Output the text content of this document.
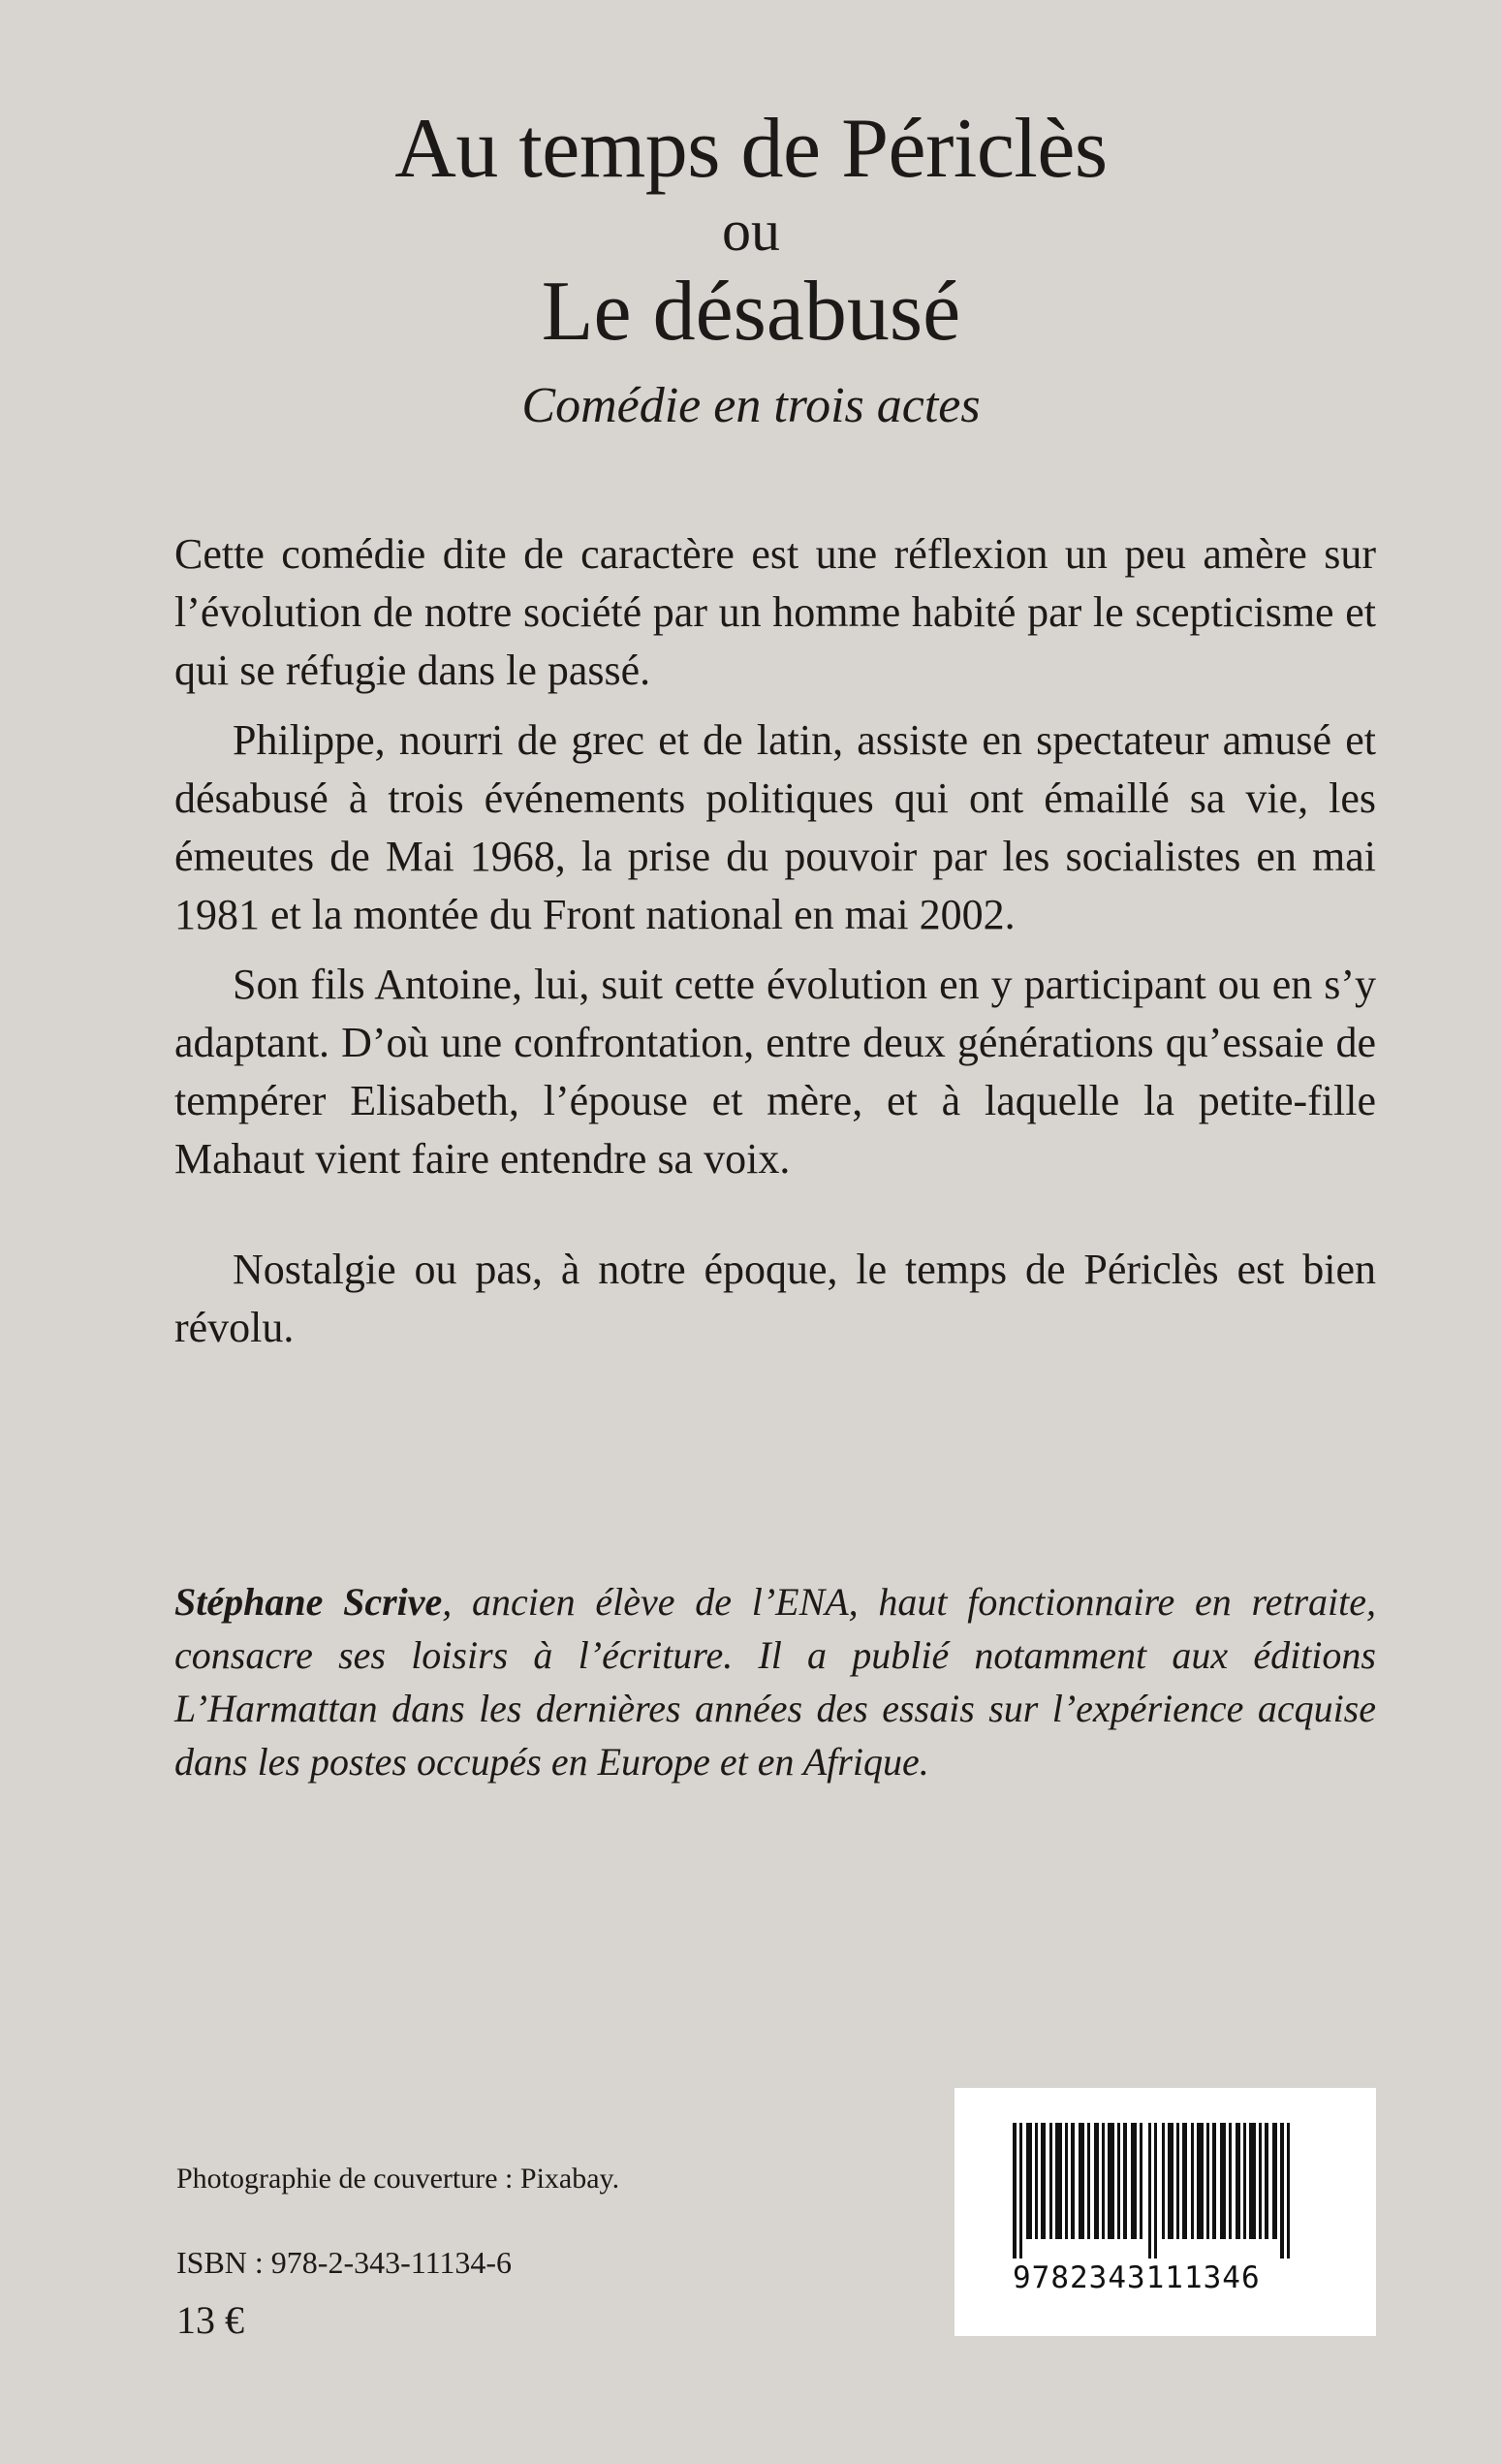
Au temps de Périclès
ou
Le désabusé
Comédie en trois actes

Cette comédie dite de caractère est une réflexion un peu amère sur l’évolution de notre société par un homme habité par le scepticisme et qui se réfugie dans le passé.

Philippe, nourri de grec et de latin, assiste en spectateur amusé et désabusé à trois événements politiques qui ont émaillé sa vie, les émeutes de Mai 1968, la prise du pouvoir par les socialistes en mai 1981 et la montée du Front national en mai 2002.

Son fils Antoine, lui, suit cette évolution en y participant ou en s’y adaptant. D’où une confrontation, entre deux générations qu’essaie de tempérer Elisabeth, l’épouse et mère, et à laquelle la petite-fille Mahaut vient faire entendre sa voix.

Nostalgie ou pas, à notre époque, le temps de Périclès est bien révolu.

Stéphane Scrive, ancien élève de l’ENA, haut fonctionnaire en retraite, consacre ses loisirs à l’écriture. Il a publié notamment aux éditions L’Harmattan dans les dernières années des essais sur l’expérience acquise dans les postes occupés en Europe et en Afrique.
Photographie de couverture : Pixabay.
ISBN : 978-2-343-11134-6
13 €
9782343111346
